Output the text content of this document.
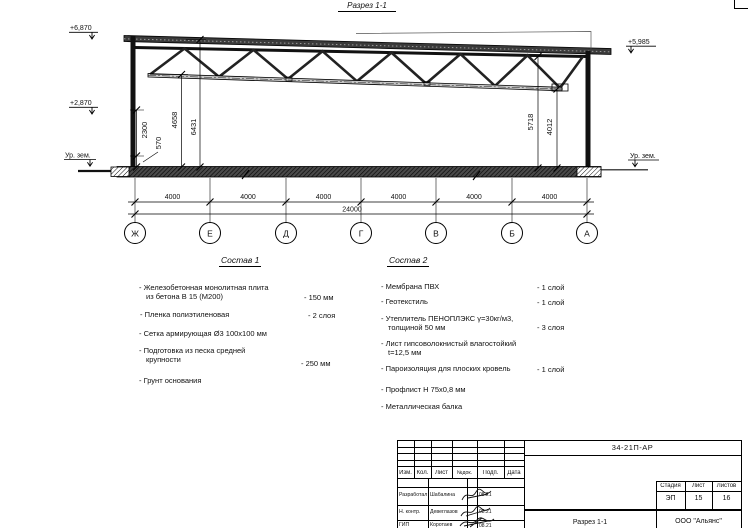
Разрез 1-1
2300
570
4658 6431	5718 4012
4000	4000	4000	4000	4000	4000
24000
Ж	Е	Д	Г	В	Б	А
+6,870
+2,870
Ур. зем.
+5,985
Ур. зем.
Состав 1
- Железобетонная монолитная плита
из бетона В 15 (М200)	- 150 мм
- Пленка полиэтиленовая	- 2 слоя
- Сетка армирующая Ø3 100х100 мм
- Подготовка из песка средней
крупности	- 250 мм
- Грунт основания
Состав 2
- Мембрана ПВХ	- 1 слой
- Геотекстиль	- 1 слой
- Утеплитель ПЕНОПЛЭКС γ=30кг/м3,
толщиной 50 мм	- 3 слоя
- Лист гипсоволокнистый влагостойкий
t=12,5 мм
- Пароизоляция для плоских кровель	- 1 слой
- Профлист Н 75х0,8 мм
- Металлическая балка
34-21П-АР
Изм. Кол.	Лист	№док.	Подп.	Дата
Разработал Шабалина	08.21
Н. контр.	Девеглазов	08.21
ГИП	Коротаев	08.21
Стадия	Лист	Листов
ЭП	15	16
Разрез 1-1	ООО "Альянс"
